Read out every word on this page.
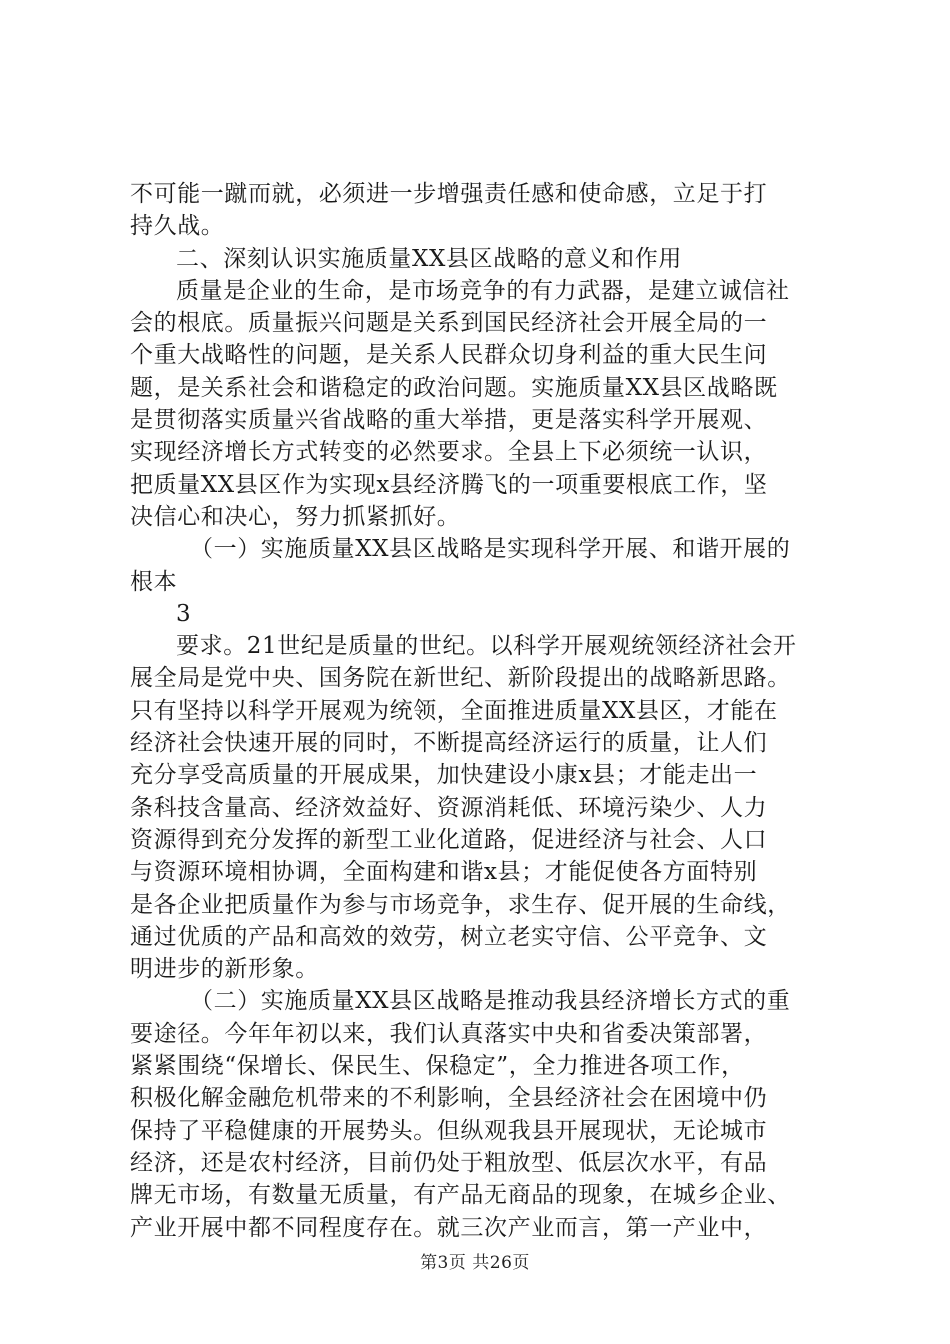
不可能一蹴而就，必须进一步增强责任感和使命感，立足于打
持久战。
二、深刻认识实施质量XX县区战略的意义和作用
质量是企业的生命，是市场竞争的有力武器，是建立诚信社
会的根底。质量振兴问题是关系到国民经济社会开展全局的一
个重大战略性的问题，是关系人民群众切身利益的重大民生问
题，是关系社会和谐稳定的政治问题。实施质量XX县区战略既
是贯彻落实质量兴省战略的重大举措，更是落实科学开展观、
实现经济增长方式转变的必然要求。全县上下必须统一认识，
把质量XX县区作为实现x县经济腾飞的一项重要根底工作，坚
决信心和决心，努力抓紧抓好。
（一）实施质量XX县区战略是实现科学开展、和谐开展的
根本
3
要求。21世纪是质量的世纪。以科学开展观统领经济社会开
展全局是党中央、国务院在新世纪、新阶段提出的战略新思路。
只有坚持以科学开展观为统领，全面推进质量XX县区，才能在
经济社会快速开展的同时，不断提高经济运行的质量，让人们
充分享受高质量的开展成果，加快建设小康x县；才能走出一
条科技含量高、经济效益好、资源消耗低、环境污染少、人力
资源得到充分发挥的新型工业化道路，促进经济与社会、人口
与资源环境相协调，全面构建和谐x县；才能促使各方面特别
是各企业把质量作为参与市场竞争，求生存、促开展的生命线，
通过优质的产品和高效的效劳，树立老实守信、公平竞争、文
明进步的新形象。
（二）实施质量XX县区战略是推动我县经济增长方式的重
要途径。今年年初以来，我们认真落实中央和省委决策部署，
紧紧围绕“保增长、保民生、保稳定”，全力推进各项工作，
积极化解金融危机带来的不利影响，全县经济社会在困境中仍
保持了平稳健康的开展势头。但纵观我县开展现状，无论城市
经济，还是农村经济，目前仍处于粗放型、低层次水平，有品
牌无市场，有数量无质量，有产品无商品的现象，在城乡企业、
产业开展中都不同程度存在。就三次产业而言，第一产业中，
第3页 共26页
